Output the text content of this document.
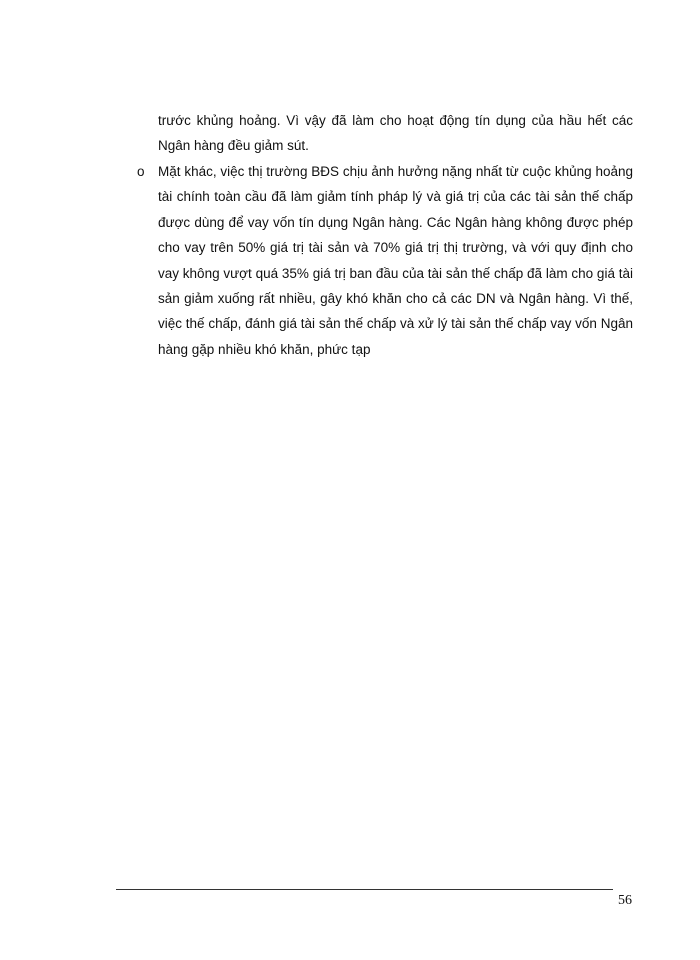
trước khủng hoảng. Vì vậy đã làm cho hoạt động tín dụng của hầu hết các Ngân hàng đều giảm sút.

o Mặt khác, việc thị trường BĐS chịu ảnh hưởng nặng nhất từ cuộc khủng hoảng tài chính toàn cầu đã làm giảm tính pháp lý và giá trị của các tài sản thế chấp được dùng để vay vốn tín dụng Ngân hàng. Các Ngân hàng không được phép cho vay trên 50% giá trị tài sản và 70% giá trị thị trường, và với quy định cho vay không vượt quá 35% giá trị ban đầu của tài sản thế chấp đã làm cho giá tài sản giảm xuống rất nhiều, gây khó khăn cho cả các DN và Ngân hàng. Vì thế, việc thế chấp, đánh giá tài sản thế chấp và xử lý tài sản thế chấp vay vốn Ngân hàng gặp nhiều khó khăn, phức tạp

56
